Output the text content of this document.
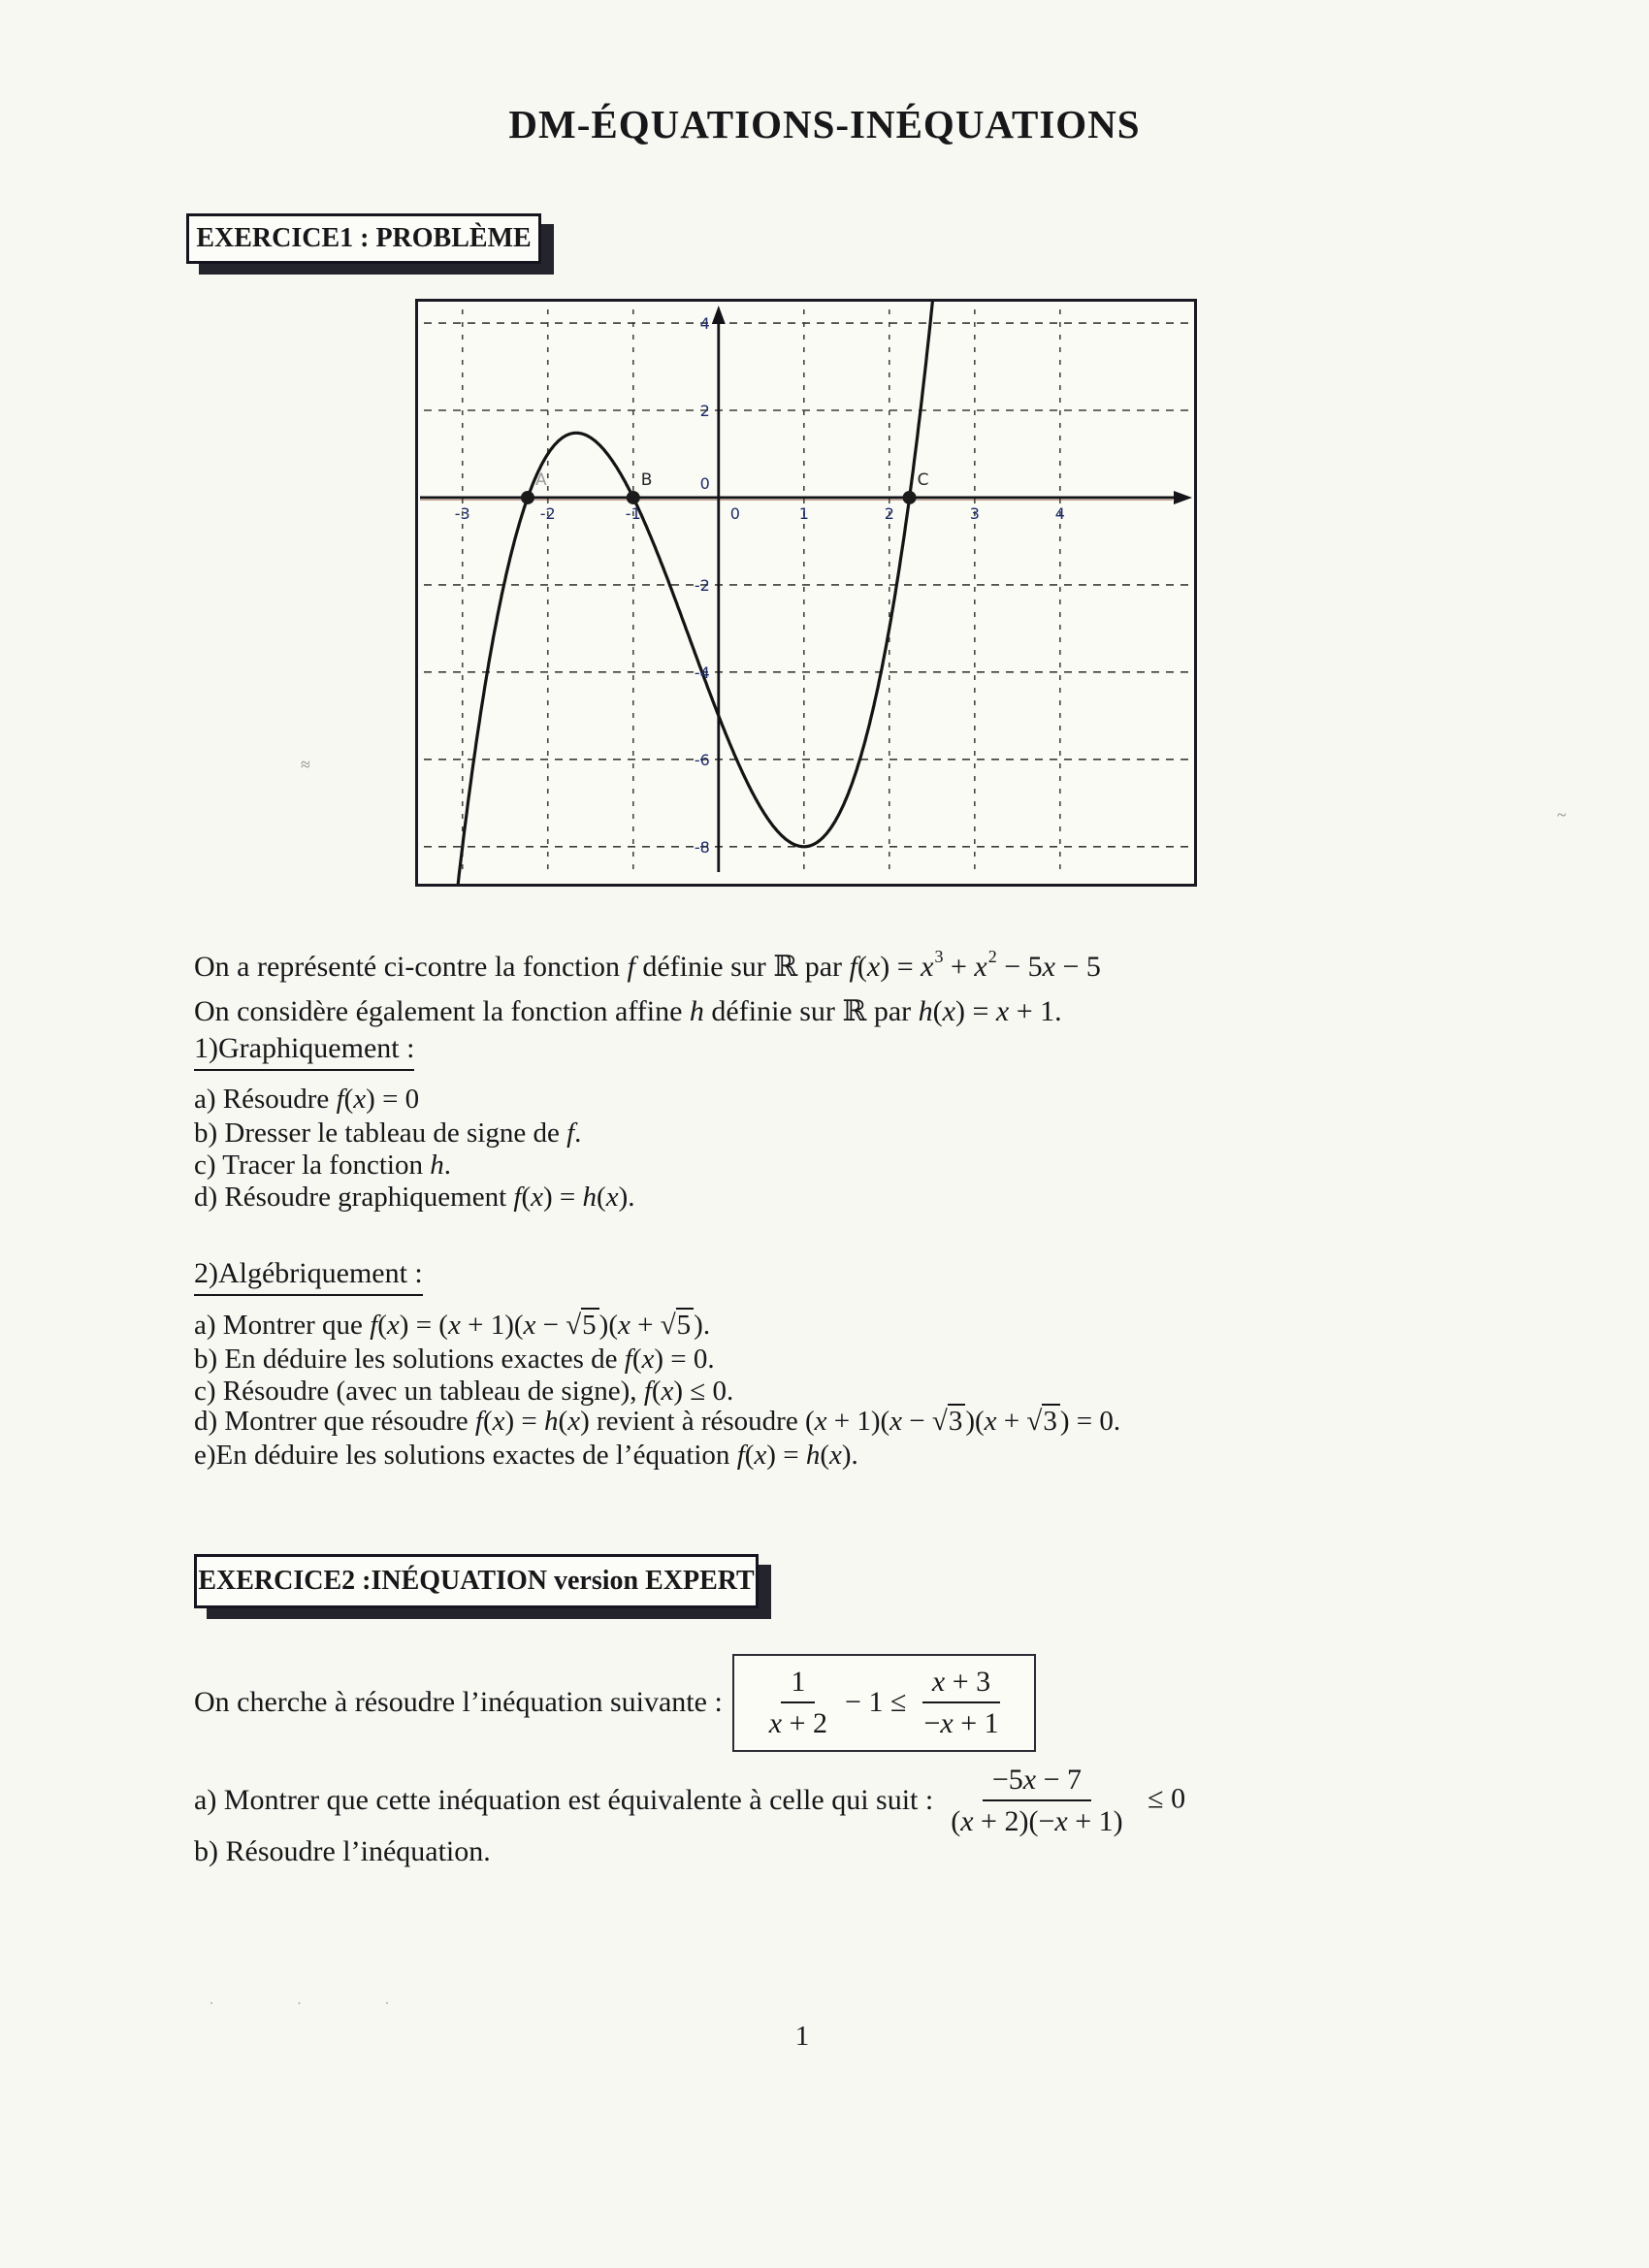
DM-ÉQUATIONS-INÉQUATIONS
EXERCICE1 : PROBLÈME
A	B	C
-3	-2	-1	0	1	2	3	4
4
2
0
-2
-4
-6
-8
On a représenté ci-contre la fonction f définie sur ℝ par $f(x) = x^3 + x^2 - 5x - 5$
On considère également la fonction affine h définie sur ℝ par h(x) = x + 1.
1)Graphiquement :
a) Résoudre f(x) = 0
b) Dresser le tableau de signe de f.
c) Tracer la fonction h.
d) Résoudre graphiquement f(x) = h(x).
2)Algébriquement :
a) Montrer que f(x) = (x + 1)(x − √5 )(x + √5 ).
b) En déduire les solutions exactes de f(x) = 0.
c) Résoudre (avec un tableau de signe), f(x) ≤ 0.
d) Montrer que résoudre f(x) = h(x) revient à résoudre (x + 1)(x − √3 )(x + √3 ) = 0.
e)En déduire les solutions exactes de l’équation f(x) = h(x).
EXERCICE2 :INÉQUATION version EXPERT
On cherche à résoudre l’inéquation suivante :
1
x + 2
− $1 \le \frac{x + 3}{-x + 1}$
a) Montrer que cette inéquation est équivalente à celle qui suit : $\frac{-5x - 7}{(x + 2)(-x + 1)} \le 0$
b) Résoudre l’inéquation.
1
≈
~
· · ·
